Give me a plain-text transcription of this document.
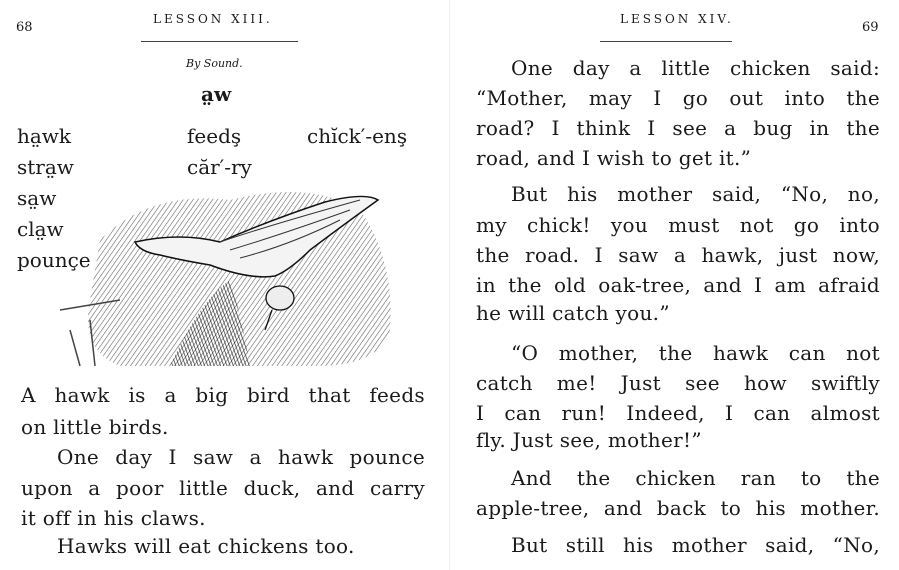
68
LESSON XIII.
By Sound.
a̤w
ha̤wk
stra̤w
sa̤w
cla̤w
pounçe
feedş
căr′-ry
chĭck′-enş
A hawk is a big bird that feeds
on little birds.
One day I saw a hawk pounce
upon a poor little duck, and carry
it off in his claws.
Hawks will eat chickens too.
LESSON XIV.
69
One day a little chicken said:
“Mother, may I go out into the
road? I think I see a bug in the
road, and I wish to get it.”
But his mother said, “No, no,
my chick! you must not go into
the road. I saw a hawk, just now,
in the old oak-tree, and I am afraid
he will catch you.”
“O mother, the hawk can not
catch me! Just see how swiftly
I can run! Indeed, I can almost
fly. Just see, mother!”
And the chicken ran to the
apple-tree, and back to his mother.
But still his mother said, “No,
